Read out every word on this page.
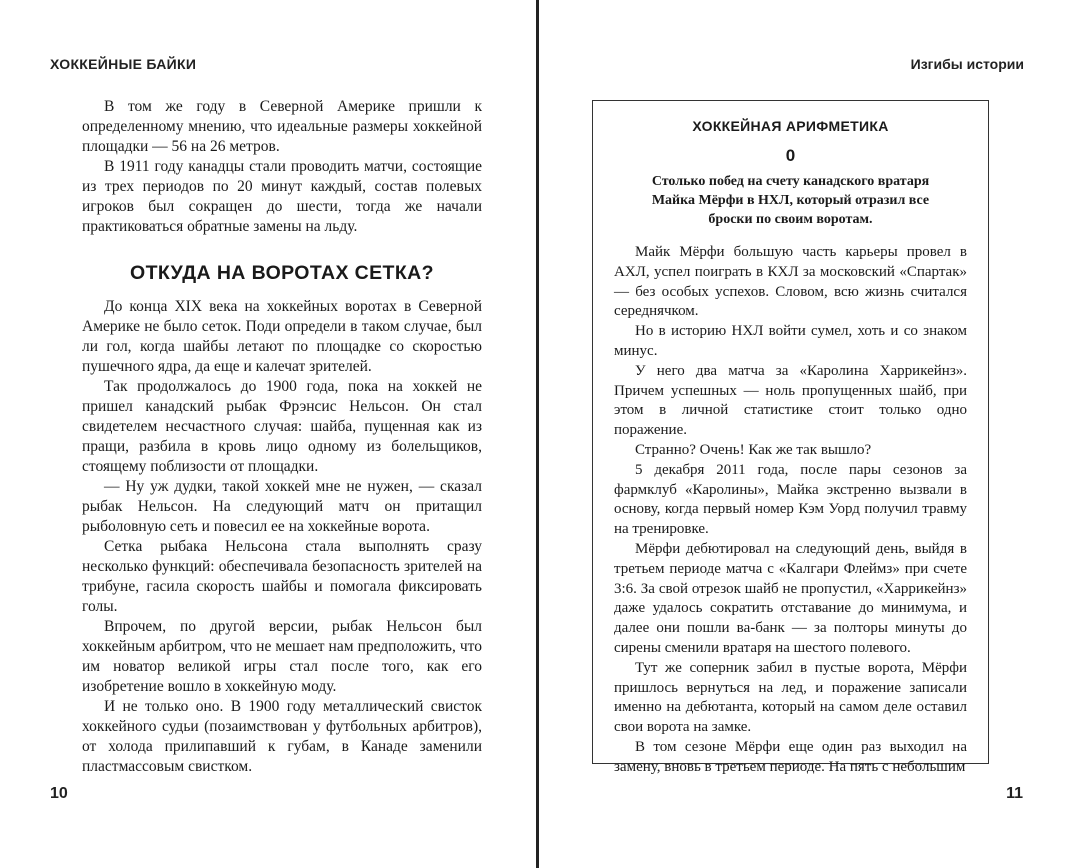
ХОККЕЙНЫЕ БАЙКИ

В том же году в Северной Америке пришли к определенному мнению, что идеальные размеры хоккейной площадки — 56 на 26 метров.

В 1911 году канадцы стали проводить матчи, состоящие из трех периодов по 20 минут каждый, состав полевых игроков был сокращен до шести, тогда же начали практиковаться обратные замены на льду.

ОТКУДА НА ВОРОТАХ СЕТКА?

До конца XIX века на хоккейных воротах в Северной Америке не было сеток. Поди определи в таком случае, был ли гол, когда шайбы летают по площадке со скоростью пушечного ядра, да еще и калечат зрителей.

Так продолжалось до 1900 года, пока на хоккей не пришел канадский рыбак Фрэнсис Нельсон. Он стал свидетелем несчастного случая: шайба, пущенная как из пращи, разбила в кровь лицо одному из болельщиков, стоящему поблизости от площадки.

— Ну уж дудки, такой хоккей мне не нужен, — сказал рыбак Нельсон. На следующий матч он притащил рыболовную сеть и повесил ее на хоккейные ворота.

Сетка рыбака Нельсона стала выполнять сразу несколько функций: обеспечивала безопасность зрителей на трибуне, гасила скорость шайбы и помогала фиксировать голы.

Впрочем, по другой версии, рыбак Нельсон был хоккейным арбитром, что не мешает нам предположить, что им новатор великой игры стал после того, как его изобретение вошло в хоккейную моду.

И не только оно. В 1900 году металлический свисток хоккейного судьи (позаимствован у футбольных арбитров), от холода прилипавший к губам, в Канаде заменили пластмассовым свистком.

10
Изгибы истории
ХОККЕЙНАЯ АРИФМЕТИКА
0
Столько побед на счету канадского вратаря Майка Мёрфи в НХЛ, который отразил все броски по своим воротам.

Майк Мёрфи большую часть карьеры провел в АХЛ, успел поиграть в КХЛ за московский «Спартак» — без особых успехов. Словом, всю жизнь считался середнячком.

Но в историю НХЛ войти сумел, хоть и со знаком минус.

У него два матча за «Каролина Харрикейнз». Причем успешных — ноль пропущенных шайб, при этом в личной статистике стоит только одно поражение.

Странно? Очень! Как же так вышло?

5 декабря 2011 года, после пары сезонов за фармклуб «Каролины», Майка экстренно вызвали в основу, когда первый номер Кэм Уорд получил травму на тренировке.

Мёрфи дебютировал на следующий день, выйдя в третьем периоде матча с «Калгари Флеймз» при счете 3:6. За свой отрезок шайб не пропустил, «Харрикейнз» даже удалось сократить отставание до минимума, и далее они пошли ва-банк — за полторы минуты до сирены сменили вратаря на шестого полевого.

Тут же соперник забил в пустые ворота, Мёрфи пришлось вернуться на лед, и поражение записали именно на дебютанта, который на самом деле оставил свои ворота на замке.

В том сезоне Мёрфи еще один раз выходил на замену, вновь в третьем периоде. На пять с небольшим

11
